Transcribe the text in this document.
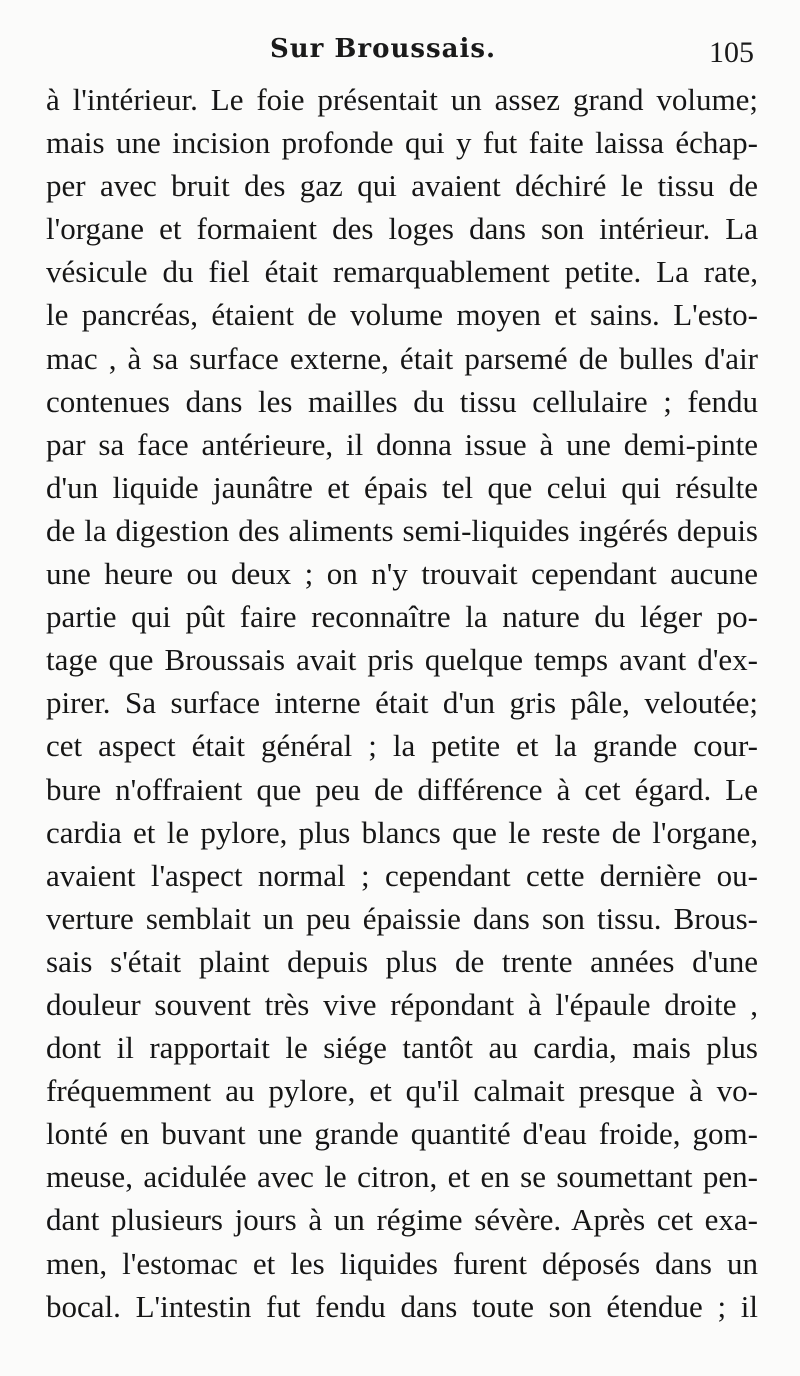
Sur Broussais.	105
à l'intérieur. Le foie présentait un assez grand volume;
mais une incision profonde qui y fut faite laissa échap-
per avec bruit des gaz qui avaient déchiré le tissu de
l'organe et formaient des loges dans son intérieur. La
vésicule du fiel était remarquablement petite. La rate,
le pancréas, étaient de volume moyen et sains. L'esto-
mac , à sa surface externe, était parsemé de bulles d'air
contenues dans les mailles du tissu cellulaire ; fendu
par sa face antérieure, il donna issue à une demi-pinte
d'un liquide jaunâtre et épais tel que celui qui résulte
de la digestion des aliments semi-liquides ingérés depuis
une heure ou deux ; on n'y trouvait cependant aucune
partie qui pût faire reconnaître la nature du léger po-
tage que Broussais avait pris quelque temps avant d'ex-
pirer. Sa surface interne était d'un gris pâle, veloutée;
cet aspect était général ; la petite et la grande cour-
bure n'offraient que peu de différence à cet égard. Le
cardia et le pylore, plus blancs que le reste de l'organe,
avaient l'aspect normal ; cependant cette dernière ou-
verture semblait un peu épaissie dans son tissu. Brous-
sais s'était plaint depuis plus de trente années d'une
douleur souvent très vive répondant à l'épaule droite ,
dont il rapportait le siége tantôt au cardia, mais plus
fréquemment au pylore, et qu'il calmait presque à vo-
lonté en buvant une grande quantité d'eau froide, gom-
meuse, acidulée avec le citron, et en se soumettant pen-
dant plusieurs jours à un régime sévère. Après cet exa-
men, l'estomac et les liquides furent déposés dans un
bocal. L'intestin fut fendu dans toute son étendue ; il
